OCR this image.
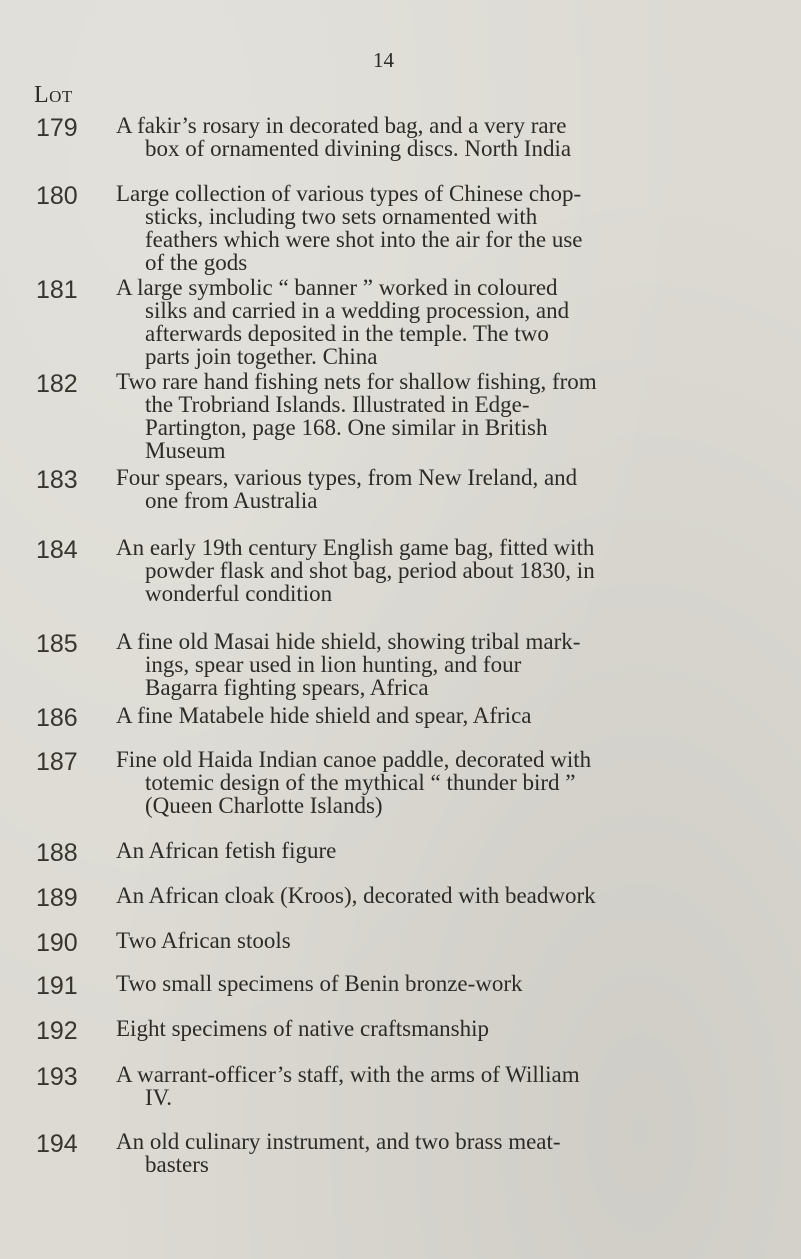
14
Lot
179 A fakir’s rosary in decorated bag, and a very rare
box of ornamented divining discs. North India
180 Large collection of various types of Chinese chop-
sticks, including two sets ornamented with
feathers which were shot into the air for the use
of the gods
181 A large symbolic “ banner ” worked in coloured
silks and carried in a wedding procession, and
afterwards deposited in the temple. The two
parts join together. China
182 Two rare hand fishing nets for shallow fishing, from
the Trobriand Islands. Illustrated in Edge-
Partington, page 168. One similar in British
Museum
183 Four spears, various types, from New Ireland, and
one from Australia
184 An early 19th century English game bag, fitted with
powder flask and shot bag, period about 1830, in
wonderful condition
185 A fine old Masai hide shield, showing tribal mark-
ings, spear used in lion hunting, and four
Bagarra fighting spears, Africa
186 A fine Matabele hide shield and spear, Africa
187 Fine old Haida Indian canoe paddle, decorated with
totemic design of the mythical “ thunder bird ”
(Queen Charlotte Islands)
188 An African fetish figure
189 An African cloak (Kroos), decorated with beadwork
190 Two African stools
191 Two small specimens of Benin bronze-work
192 Eight specimens of native craftsmanship
193 A warrant-officer’s staff, with the arms of William
IV.
194 An old culinary instrument, and two brass meat-
basters
